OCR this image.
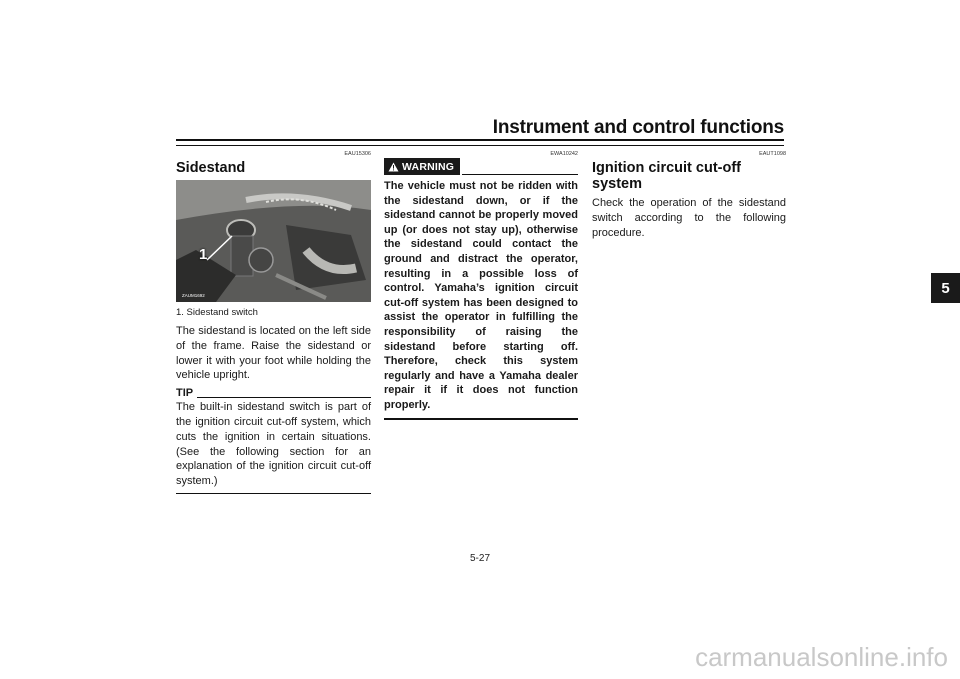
Instrument and control functions
5
EAU15306
Sidestand
1
ZAUM1692
1. Sidestand switch

The sidestand is located on the left side of the frame. Raise the sidestand or lower it with your foot while holding the vehicle upright.

TIP

The built-in sidestand switch is part of the ignition circuit cut-off system, which cuts the ignition in certain situations. (See the following section for an explanation of the ignition circuit cut-off system.)

EWA10242
WARNING

The vehicle must not be ridden with the sidestand down, or if the sidestand cannot be properly moved up (or does not stay up), otherwise the sidestand could contact the ground and distract the operator, resulting in a possible loss of control. Yamaha’s ignition circuit cut-off system has been designed to assist the operator in fulfilling the responsibility of raising the sidestand before starting off. Therefore, check this system regularly and have a Yamaha dealer repair it if it does not function properly.

EAUT1098
Ignition circuit cut-off system

Check the operation of the sidestand switch according to the following procedure.

5-27
carmanualsonline.info
